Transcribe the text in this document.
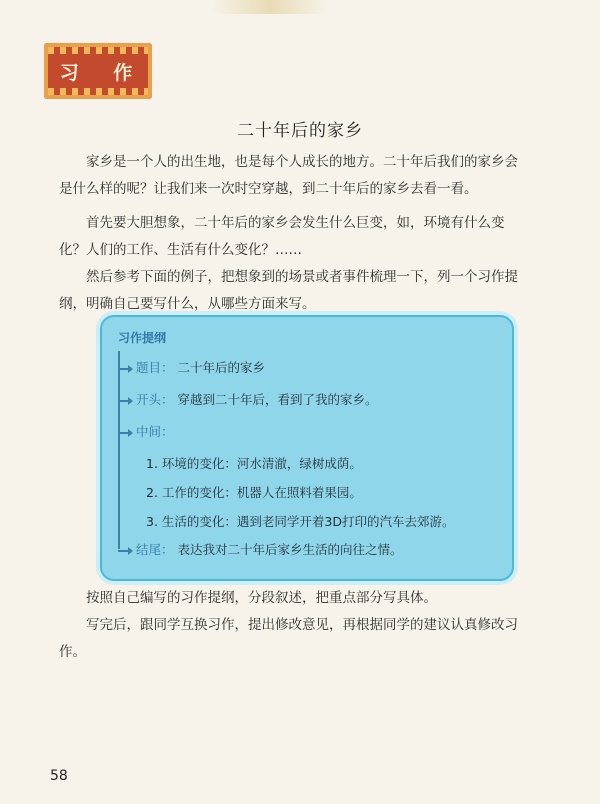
习 作
二十年后的家乡
家乡是一个人的出生地，也是每个人成长的地方。二十年后我们的家乡会是什么样的呢？让我们来一次时空穿越，到二十年后的家乡去看一看。
首先要大胆想象，二十年后的家乡会发生什么巨变，如，环境有什么变化？人们的工作、生活有什么变化？……
然后参考下面的例子，把想象到的场景或者事件梳理一下，列一个习作提纲，明确自己要写什么，从哪些方面来写。
习作提纲
题目： 二十年后的家乡
开头： 穿越到二十年后，看到了我的家乡。
中间：
1. 环境的变化：河水清澈，绿树成荫。
2. 工作的变化：机器人在照料着果园。
3. 生活的变化：遇到老同学开着3D打印的汽车去郊游。
结尾： 表达我对二十年后家乡生活的向往之情。
按照自己编写的习作提纲，分段叙述，把重点部分写具体。
写完后，跟同学互换习作，提出修改意见，再根据同学的建议认真修改习作。
58
